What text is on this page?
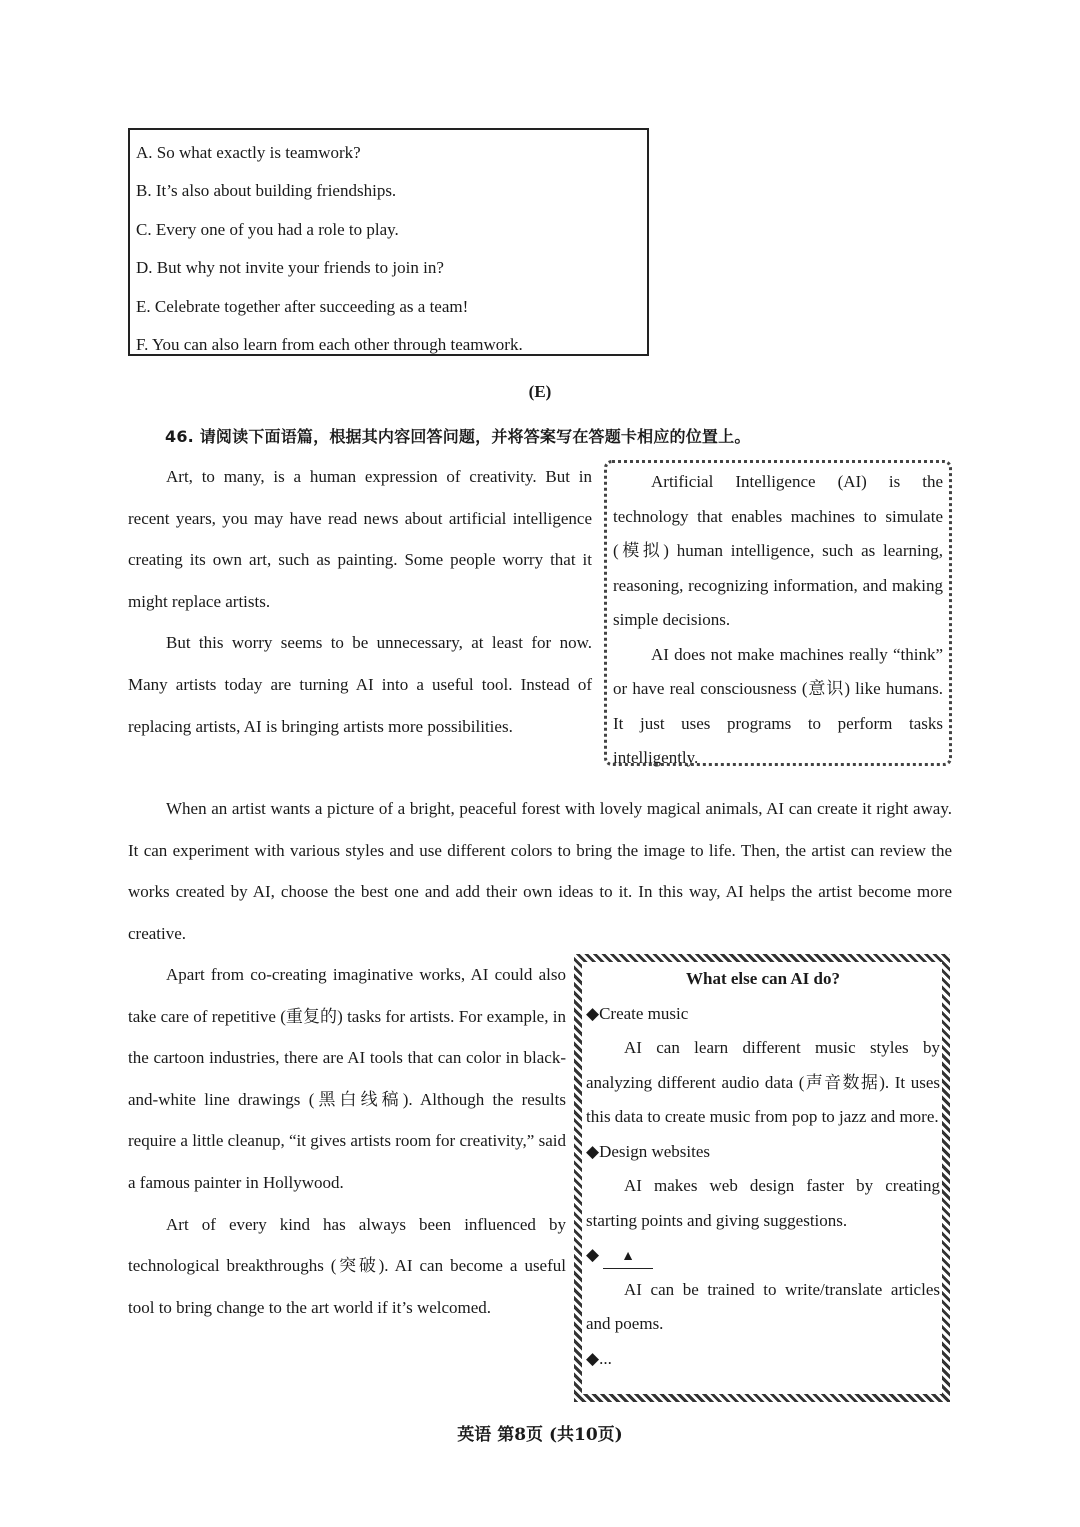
A. So what exactly is teamwork?
B. It’s also about building friendships.
C. Every one of you had a role to play.
D. But why not invite your friends to join in?
E. Celebrate together after succeeding as a team!
F. You can also learn from each other through teamwork.
(E)
46. 请阅读下面语篇，根据其内容回答问题，并将答案写在答题卡相应的位置上。

Art, to many, is a human expression of creativity. But in recent years, you may have read news about artificial intelligence creating its own art, such as painting. Some people worry that it might replace artists.

But this worry seems to be unnecessary, at least for now. Many artists today are turning AI into a useful tool. Instead of replacing artists, AI is bringing artists more possibilities.

Artificial Intelligence (AI) is the technology that enables machines to simulate (模拟) human intelligence, such as learning, reasoning, recognizing information, and making simple decisions.

AI does not make machines really “think” or have real consciousness (意识) like humans. It just uses programs to perform tasks intelligently.

When an artist wants a picture of a bright, peaceful forest with lovely magical animals, AI can create it right away. It can experiment with various styles and use different colors to bring the image to life. Then, the artist can review the works created by AI, choose the best one and add their own ideas to it. In this way, AI helps the artist become more creative.

Apart from co-creating imaginative works, AI could also take care of repetitive (重复的) tasks for artists. For example, in the cartoon industries, there are AI tools that can color in black-and-white line drawings (黑白线稿). Although the results require a little cleanup, “it gives artists room for creativity,” said a famous painter in Hollywood.

Art of every kind has always been influenced by technological breakthroughs (突破). AI can become a useful tool to bring change to the art world if it’s welcomed.

What else can AI do?
◆Create music
AI can learn different music styles by analyzing different audio data (声音数据). It uses this data to create music from pop to jazz and more.
◆Design websites
AI makes web design faster by creating starting points and giving suggestions.
◆ ▲
AI can be trained to write/translate articles and poems.
◆...
英语 第8页 (共10页)
